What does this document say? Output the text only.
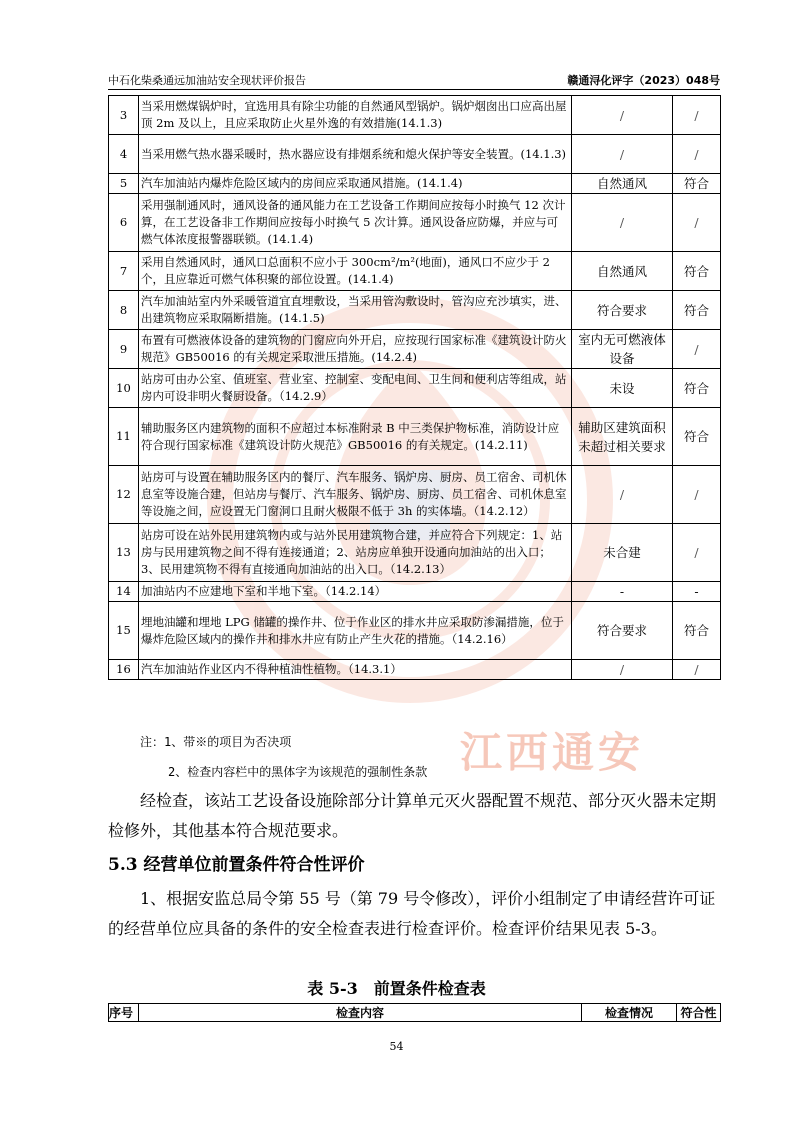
江西通安
中石化柴桑通远加油站安全现状评价报告	赣通浔化评字（2023）048号
3	当采用燃煤锅炉时，宜选用具有除尘功能的自然通风型锅炉。锅炉烟囱出口应高出屋顶 2m 及以上，且应采取防止火星外逸的有效措施(14.1.3)	/	/
4	当采用燃气热水器采暖时，热水器应设有排烟系统和熄火保护等安全装置。(14.1.3)	/	/
5	汽车加油站内爆炸危险区域内的房间应采取通风措施。(14.1.4)	自然通风	符合
6	采用强制通风时，通风设备的通风能力在工艺设备工作期间应按每小时换气 12 次计算，在工艺设备非工作期间应按每小时换气 5 次计算。通风设备应防爆，并应与可燃气体浓度报警器联锁。(14.1.4)	/	/
7	采用自然通风时，通风口总面积不应小于 300cm²/m²(地面)，通风口不应少于 2 个，且应靠近可燃气体积聚的部位设置。(14.1.4)	自然通风	符合
8	汽车加油站室内外采暖管道宜直埋敷设，当采用管沟敷设时，管沟应充沙填实，进、出建筑物应采取隔断措施。(14.1.5)	符合要求	符合
9	布置有可燃液体设备的建筑物的门窗应向外开启，应按现行国家标准《建筑设计防火规范》GB50016 的有关规定采取泄压措施。(14.2.4)	室内无可燃液体设备	/
10	站房可由办公室、值班室、营业室、控制室、变配电间、卫生间和便利店等组成，站房内可设非明火餐厨设备。（14.2.9）	未设	符合
11	辅助服务区内建筑物的面积不应超过本标准附录 B 中三类保护物标准，消防设计应符合现行国家标准《建筑设计防火规范》GB50016 的有关规定。(14.2.11)	辅助区建筑面积未超过相关要求	符合
12	站房可与设置在辅助服务区内的餐厅、汽车服务、锅炉房、厨房、员工宿舍、司机休息室等设施合建，但站房与餐厅、汽车服务、锅炉房、厨房、员工宿舍、司机休息室等设施之间，应设置无门窗洞口且耐火极限不低于 3h 的实体墙。（14.2.12）	/	/
13	站房可设在站外民用建筑物内或与站外民用建筑物合建，并应符合下列规定：1、站房与民用建筑物之间不得有连接通道；2、站房应单独开设通向加油站的出入口；3、民用建筑物不得有直接通向加油站的出入口。（14.2.13）	未合建	/
14	加油站内不应建地下室和半地下室。（14.2.14）	-	-
15	埋地油罐和埋地 LPG 储罐的操作井、位于作业区的排水井应采取防渗漏措施，位于爆炸危险区域内的操作井和排水井应有防止产生火花的措施。（14.2.16）	符合要求	符合
16	汽车加油站作业区内不得种植油性植物。（14.3.1）	/	/
注：1、带※的项目为否决项
2、检查内容栏中的黑体字为该规范的强制性条款
经检查，该站工艺设备设施除部分计算单元灭火器配置不规范、部分灭火器未定期检修外，其他基本符合规范要求。
5.3 经营单位前置条件符合性评价
1、根据安监总局令第 55 号（第 79 号令修改），评价小组制定了申请经营许可证的经营单位应具备的条件的安全检查表进行检查评价。检查评价结果见表 5-3。
表 5-3　前置条件检查表
序号	检查内容	检查情况	符合性
54
